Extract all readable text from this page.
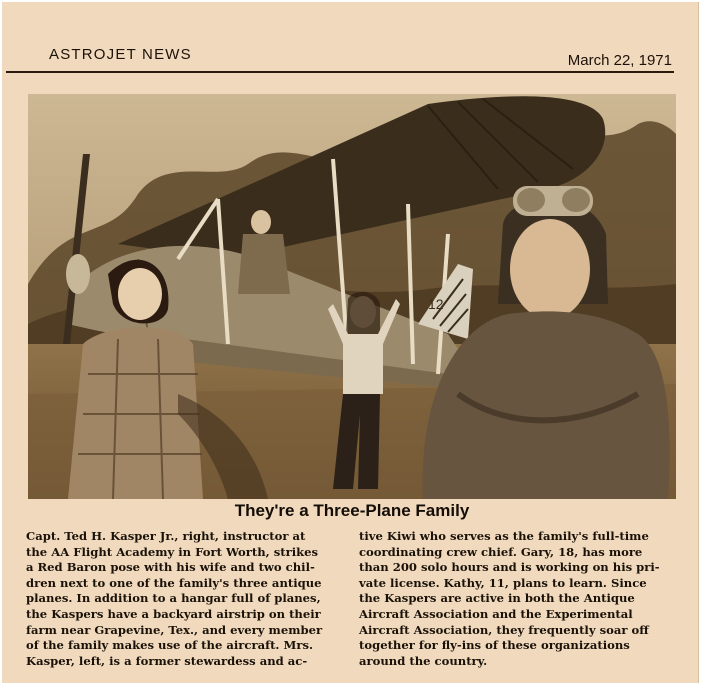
ASTROJET NEWS	March 22, 1971
12
They're a Three-Plane Family
Capt. Ted H. Kasper Jr., right, instructor at
the AA Flight Academy in Fort Worth, strikes
a Red Baron pose with his wife and two chil-
dren next to one of the family's three antique
planes. In addition to a hangar full of planes,
the Kaspers have a backyard airstrip on their
farm near Grapevine, Tex., and every member
of the family makes use of the aircraft. Mrs.
Kasper, left, is a former stewardess and ac-
tive Kiwi who serves as the family's full-time
coordinating crew chief. Gary, 18, has more
than 200 solo hours and is working on his pri-
vate license. Kathy, 11, plans to learn. Since
the Kaspers are active in both the Antique
Aircraft Association and the Experimental
Aircraft Association, they frequently soar off
together for fly-ins of these organizations
around the country.
